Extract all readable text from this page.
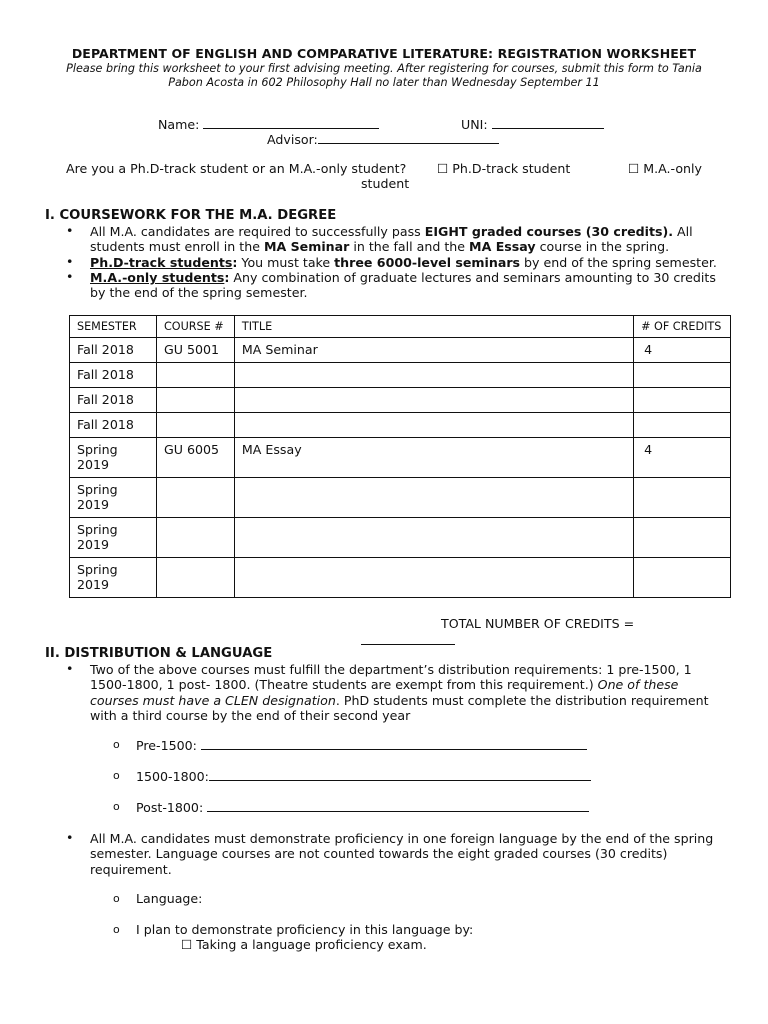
DEPARTMENT OF ENGLISH AND COMPARATIVE LITERATURE: REGISTRATION WORKSHEET
Please bring this worksheet to your first advising meeting. After registering for courses, submit this form to Tania
Pabon Acosta in 602 Philosophy Hall no later than Wednesday September 11
Name:	UNI:
Advisor:
Are you a Ph.D-track student or an M.A.-only student? ☐ Ph.D-track student	☐ M.A.-only
student
I. COURSEWORK FOR THE M.A. DEGREE
• All M.A. candidates are required to successfully pass EIGHT graded courses (30 credits). All
students must enroll in the MA Seminar in the fall and the MA Essay course in the spring.
• Ph.D-track students: You must take three 6000-level seminars by end of the spring semester.
• M.A.-only students: Any combination of graduate lectures and seminars amounting to 30 credits
by the end of the spring semester.
SEMESTER	COURSE #	TITLE	# OF CREDITS
Fall 2018	GU 5001	MA Seminar	4
Fall 2018			
Fall 2018			
Fall 2018			
Spring 2019	GU 6005	MA Essay	4
Spring 2019			
Spring 2019			
Spring 2019			
TOTAL NUMBER OF CREDITS =
II. DISTRIBUTION & LANGUAGE
• Two of the above courses must fulfill the department’s distribution requirements: 1 pre-1500, 1
1500-1800, 1 post- 1800. (Theatre students are exempt from this requirement.) One of these
courses must have a CLEN designation. PhD students must complete the distribution requirement
with a third course by the end of their second year
o Pre-1500:
o 1500-1800:
o Post-1800:
• All M.A. candidates must demonstrate proficiency in one foreign language by the end of the spring
semester. Language courses are not counted towards the eight graded courses (30 credits)
requirement.
o Language:
o I plan to demonstrate proficiency in this language by:
☐ Taking a language proficiency exam.
